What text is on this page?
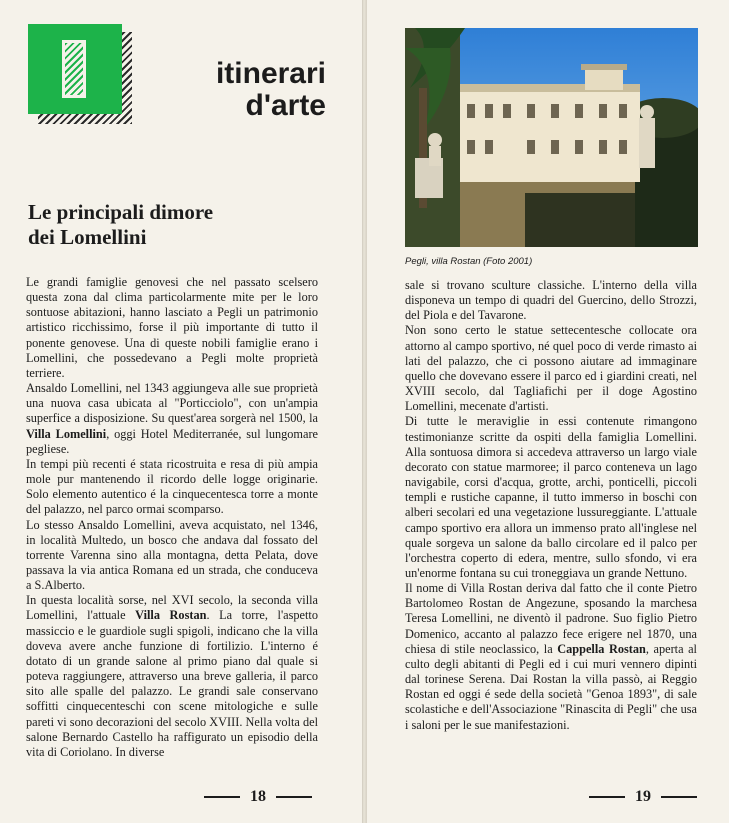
itinerari
d'arte
Le principali dimore
dei Lomellini

Le grandi famiglie genovesi che nel passato scelsero questa zona dal clima particolarmente mite per le loro sontuose abitazioni, hanno lasciato a Pegli un patrimonio artistico ricchissimo, forse il più importante di tutto il ponente genovese. Una di queste nobili famiglie erano i Lomellini, che possedevano a Pegli molte proprietà terriere.

Ansaldo Lomellini, nel 1343 aggiungeva alle sue proprietà una nuova casa ubicata al "Porticciolo", con un'ampia superfice a disposizione. Su quest'area sorgerà nel 1500, la Villa Lomellini, oggi Hotel Mediterranée, sul lungomare pegliese.

In tempi più recenti é stata ricostruita e resa di più ampia mole pur mantenendo il ricordo delle logge originarie. Solo elemento autentico é la cinquecentesca torre a monte del palazzo, nel parco ormai scomparso.

Lo stesso Ansaldo Lomellini, aveva acquistato, nel 1346, in località Multedo, un bosco che andava dal fossato del torrente Varenna sino alla montagna, detta Pelata, dove passava la via antica Romana ed un strada, che conduceva a S.Alberto.

In questa località sorse, nel XVI secolo, la seconda villa Lomellini, l'attuale Villa Rostan. La torre, l'aspetto massiccio e le guardiole sugli spigoli, indicano che la villa doveva avere anche funzione di fortilizio. L'interno é dotato di un grande salone al primo piano dal quale si poteva raggiungere, attraverso una breve galleria, il parco sito alle spalle del palazzo. Le grandi sale conservano soffitti cinquecenteschi con scene mitologiche e sulle pareti vi sono decorazioni del secolo XVIII. Nella volta del salone Bernardo Castello ha raffigurato un episodio della vita di Coriolano. In diverse

18
Pegli, villa Rostan (Foto 2001)

sale si trovano sculture classiche. L'interno della villa disponeva un tempo di quadri del Guercino, dello Strozzi, del Piola e del Tavarone.

Non sono certo le statue settecentesche collocate ora attorno al campo sportivo, né quel poco di verde rimasto ai lati del palazzo, che ci possono aiutare ad immaginare quello che dovevano essere il parco ed i giardini creati, nel XVIII secolo, dal Tagliafichi per il doge Agostino Lomellini, mecenate d'artisti.

Di tutte le meraviglie in essi contenute rimangono testimonianze scritte da ospiti della famiglia Lomellini. Alla sontuosa dimora si accedeva attraverso un largo viale decorato con statue marmoree; il parco conteneva un lago navigabile, corsi d'acqua, grotte, archi, ponticelli, piccoli templi e rustiche capanne, il tutto immerso in boschi con alberi secolari ed una vegetazione lussureggiante. L'attuale campo sportivo era allora un immenso prato all'inglese nel quale sorgeva un salone da ballo circolare ed il palco per l'orchestra coperto di edera, mentre, sullo sfondo, vi era un'enorme fontana su cui troneggiava un grande Nettuno.

Il nome di Villa Rostan deriva dal fatto che il conte Pietro Bartolomeo Rostan de Angezune, sposando la marchesa Teresa Lomellini, ne diventò il padrone. Suo figlio Pietro Domenico, accanto al palazzo fece erigere nel 1870, una chiesa di stile neoclassico, la Cappella Rostan, aperta al culto degli abitanti di Pegli ed i cui muri vennero dipinti dal torinese Serena. Dai Rostan la villa passò, ai Reggio Rostan ed oggi é sede della società "Genoa 1893", di sale scolastiche e dell'Associazione "Rinascita di Pegli" che usa i saloni per le sue manifestazioni.

19
